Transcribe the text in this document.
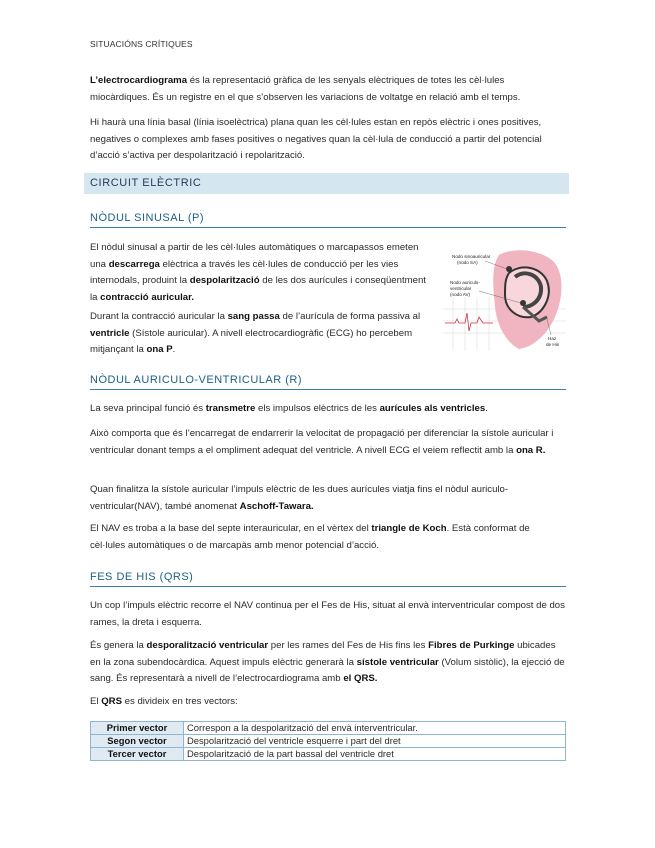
SITUACIÓNS CRÍTIQUES

L’electrocardiograma és la representació gràfica de les senyals elèctriques de totes les cèl·lules miocàrdiques. És un registre en el que s’observen les variacions de voltatge en relació amb el temps.

Hi haurà una línia basal (línia isoelèctrica) plana quan les cèl·lules estan en repòs elèctric i ones positives, negatives o complexes amb fases positives o negatives quan la cèl·lula de conducció a partir del potencial d’acció s’activa per despolarització i repolarització.

CIRCUIT ELÈCTRIC
NÒDUL SINUSAL (P)

El nòdul sinusal a partir de les cèl·lules automàtiques o marcapassos emeten una descarrega elèctrica a través les cèl·lules de conducció per les vies internodals, produint la despolarització de les dos aurícules i conseqüentment la contracció auricular.

Durant la contracció auricular la sang passa de l’aurícula de forma passiva al ventricle (Sístole auricular). A nivell electrocardiogràfic (ECG) ho percebem mitjançant la ona P.

Nodo sinoauricular
(nodo SA)
Nodo auriculo-
ventricular
(nodo AV)
Haz
de His
NÒDUL AURICULO-VENTRICULAR (R)

La seva principal funció és transmetre els impulsos elèctrics de les aurícules als ventricles.

Això comporta que és l’encarregat de endarrerir la velocitat de propagació per diferenciar la sístole auricular i ventricular donant temps a el ompliment adequat del ventricle. A nivell ECG el veiem reflectit amb la ona R.

Quan finalitza la sístole auricular l’impuls elèctric de les dues aurícules viatja fins el nòdul auriculo-ventricular(NAV), també anomenat Aschoff-Tawara.

El NAV es troba a la base del septe interauricular, en el vèrtex del triangle de Koch. Està conformat de cèl·lules automàtiques o de marcapàs amb menor potencial d’acció.

FES DE HIS (QRS)

Un cop l’impuls elèctric recorre el NAV continua per el Fes de His, situat al envà interventricular compost de dos rames, la dreta i esquerra.

És genera la desporalització ventricular per les rames del Fes de His fins les Fibres de Purkinge ubicades en la zona subendocàrdica. Aquest impuls elèctric generarà la sístole ventricular (Volum sistòlic), la ejecció de sang. És representarà a nivell de l’electrocardiograma amb el QRS.

El QRS es divideix en tres vectors:

Primer vector	Correspon a la despolarització del envà interventricular.
Segon vector	Despolarització del ventricle esquerre i part del dret
Tercer vector	Despolarització de la part bassal del ventricle dret
